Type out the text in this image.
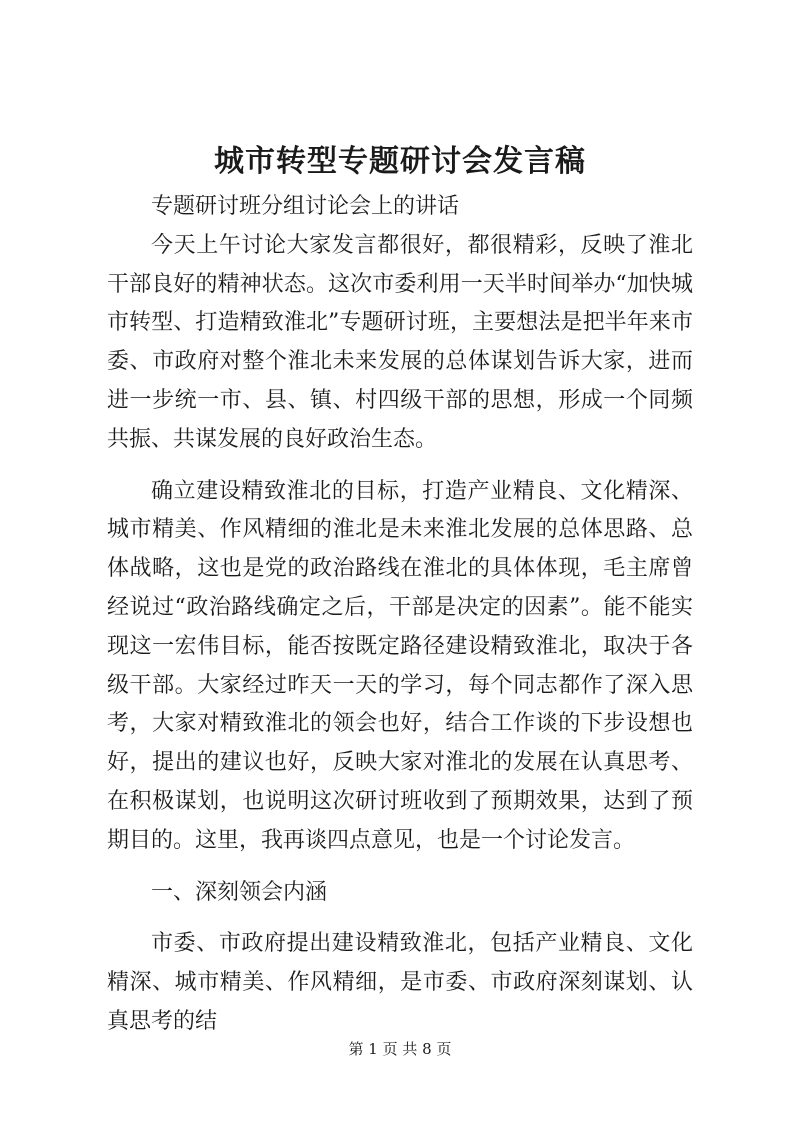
城市转型专题研讨会发言稿

专题研讨班分组讨论会上的讲话

今天上午讨论大家发言都很好，都很精彩，反映了淮北干部良好的精神状态。这次市委利用一天半时间举办“加快城市转型、打造精致淮北”专题研讨班，主要想法是把半年来市委、市政府对整个淮北未来发展的总体谋划告诉大家，进而进一步统一市、县、镇、村四级干部的思想，形成一个同频共振、共谋发展的良好政治生态。

确立建设精致淮北的目标，打造产业精良、文化精深、城市精美、作风精细的淮北是未来淮北发展的总体思路、总体战略，这也是党的政治路线在淮北的具体体现，毛主席曾经说过“政治路线确定之后，干部是决定的因素”。能不能实现这一宏伟目标，能否按既定路径建设精致淮北，取决于各级干部。大家经过昨天一天的学习，每个同志都作了深入思考，大家对精致淮北的领会也好，结合工作谈的下步设想也好，提出的建议也好，反映大家对淮北的发展在认真思考、在积极谋划，也说明这次研讨班收到了预期效果，达到了预期目的。这里，我再谈四点意见，也是一个讨论发言。

一、深刻领会内涵

市委、市政府提出建设精致淮北，包括产业精良、文化精深、城市精美、作风精细，是市委、市政府深刻谋划、认真思考的结

第 1 页 共 8 页
